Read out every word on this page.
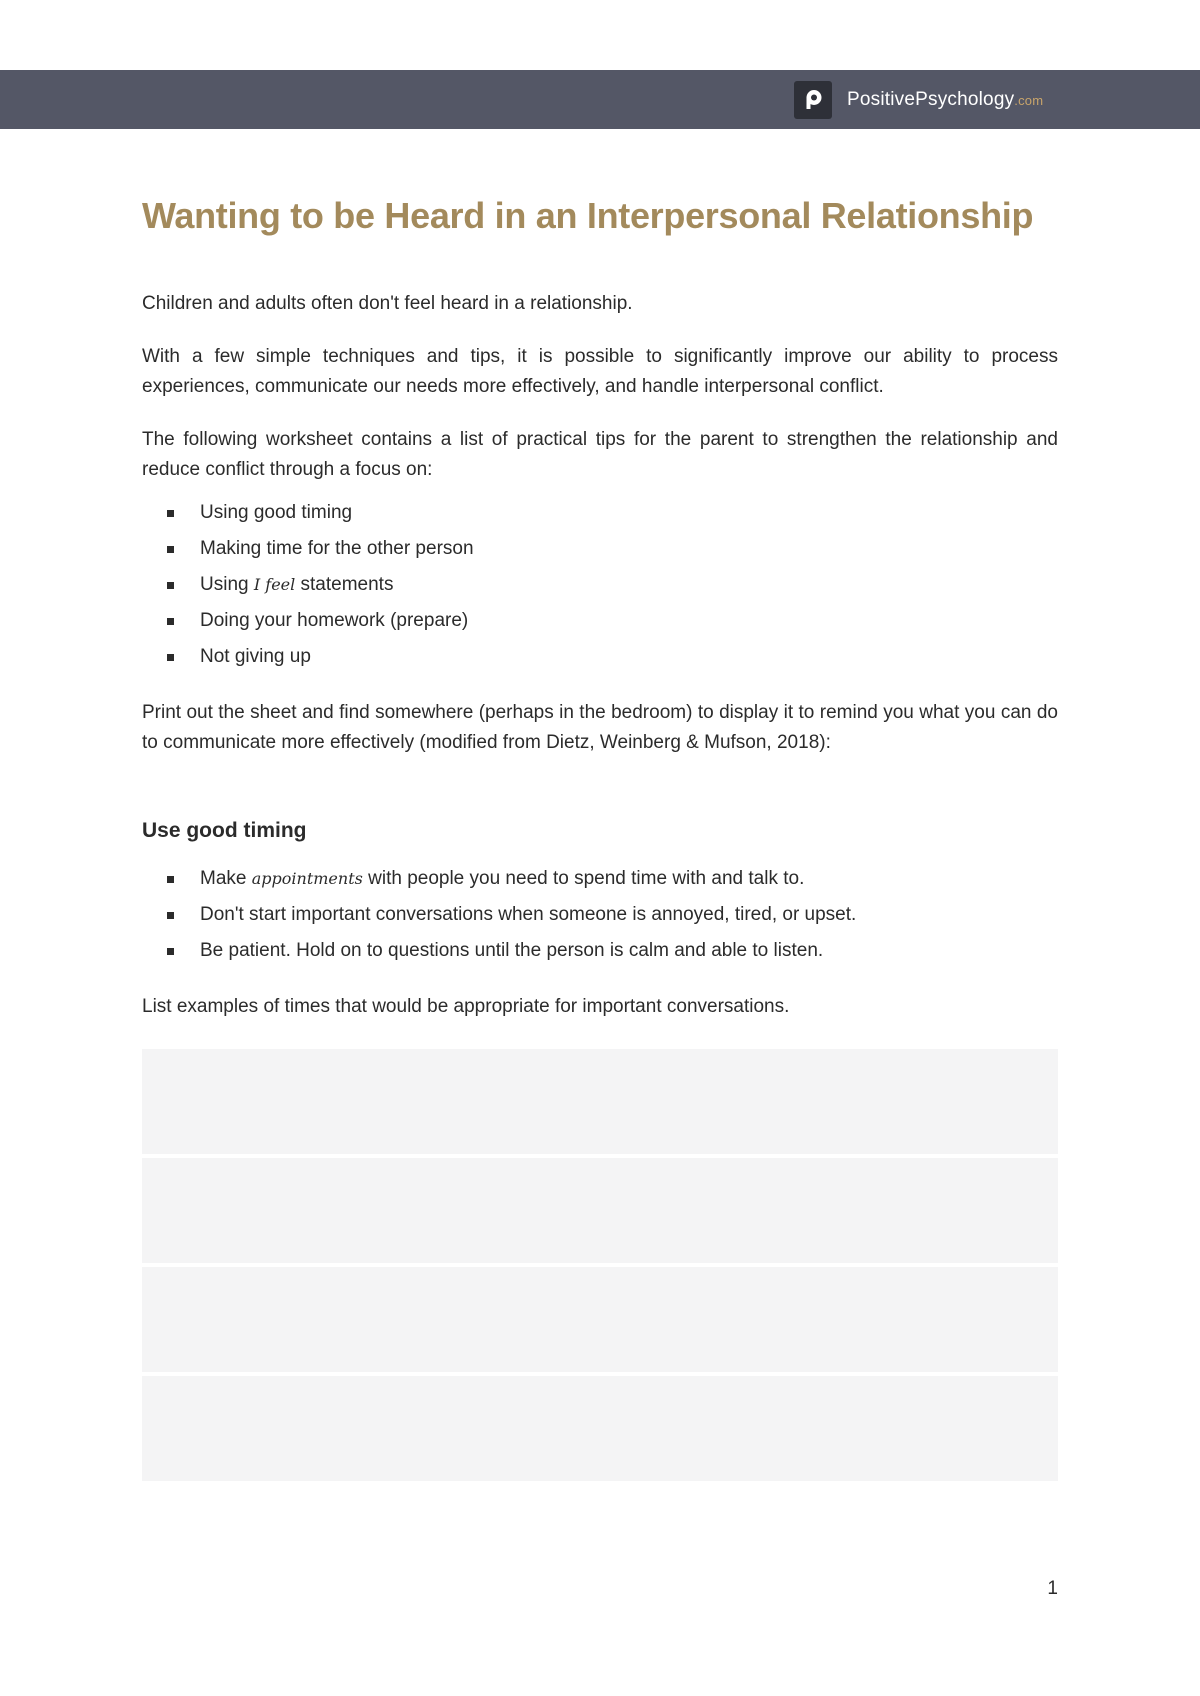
PositivePsychology.com
Wanting to be Heard in an Interpersonal Relationship

Children and adults often don't feel heard in a relationship.

With a few simple techniques and tips, it is possible to significantly improve our ability to process experiences, communicate our needs more effectively, and handle interpersonal conflict.

The following worksheet contains a list of practical tips for the parent to strengthen the relationship and reduce conflict through a focus on:

Using good timing
Making time for the other person
Using I feel statements
Doing your homework (prepare)
Not giving up

Print out the sheet and find somewhere (perhaps in the bedroom) to display it to remind you what you can do to communicate more effectively (modified from Dietz, Weinberg & Mufson, 2018):

Use good timing
Make appointments with people you need to spend time with and talk to.
Don't start important conversations when someone is annoyed, tired, or upset.
Be patient. Hold on to questions until the person is calm and able to listen.

List examples of times that would be appropriate for important conversations.

1
